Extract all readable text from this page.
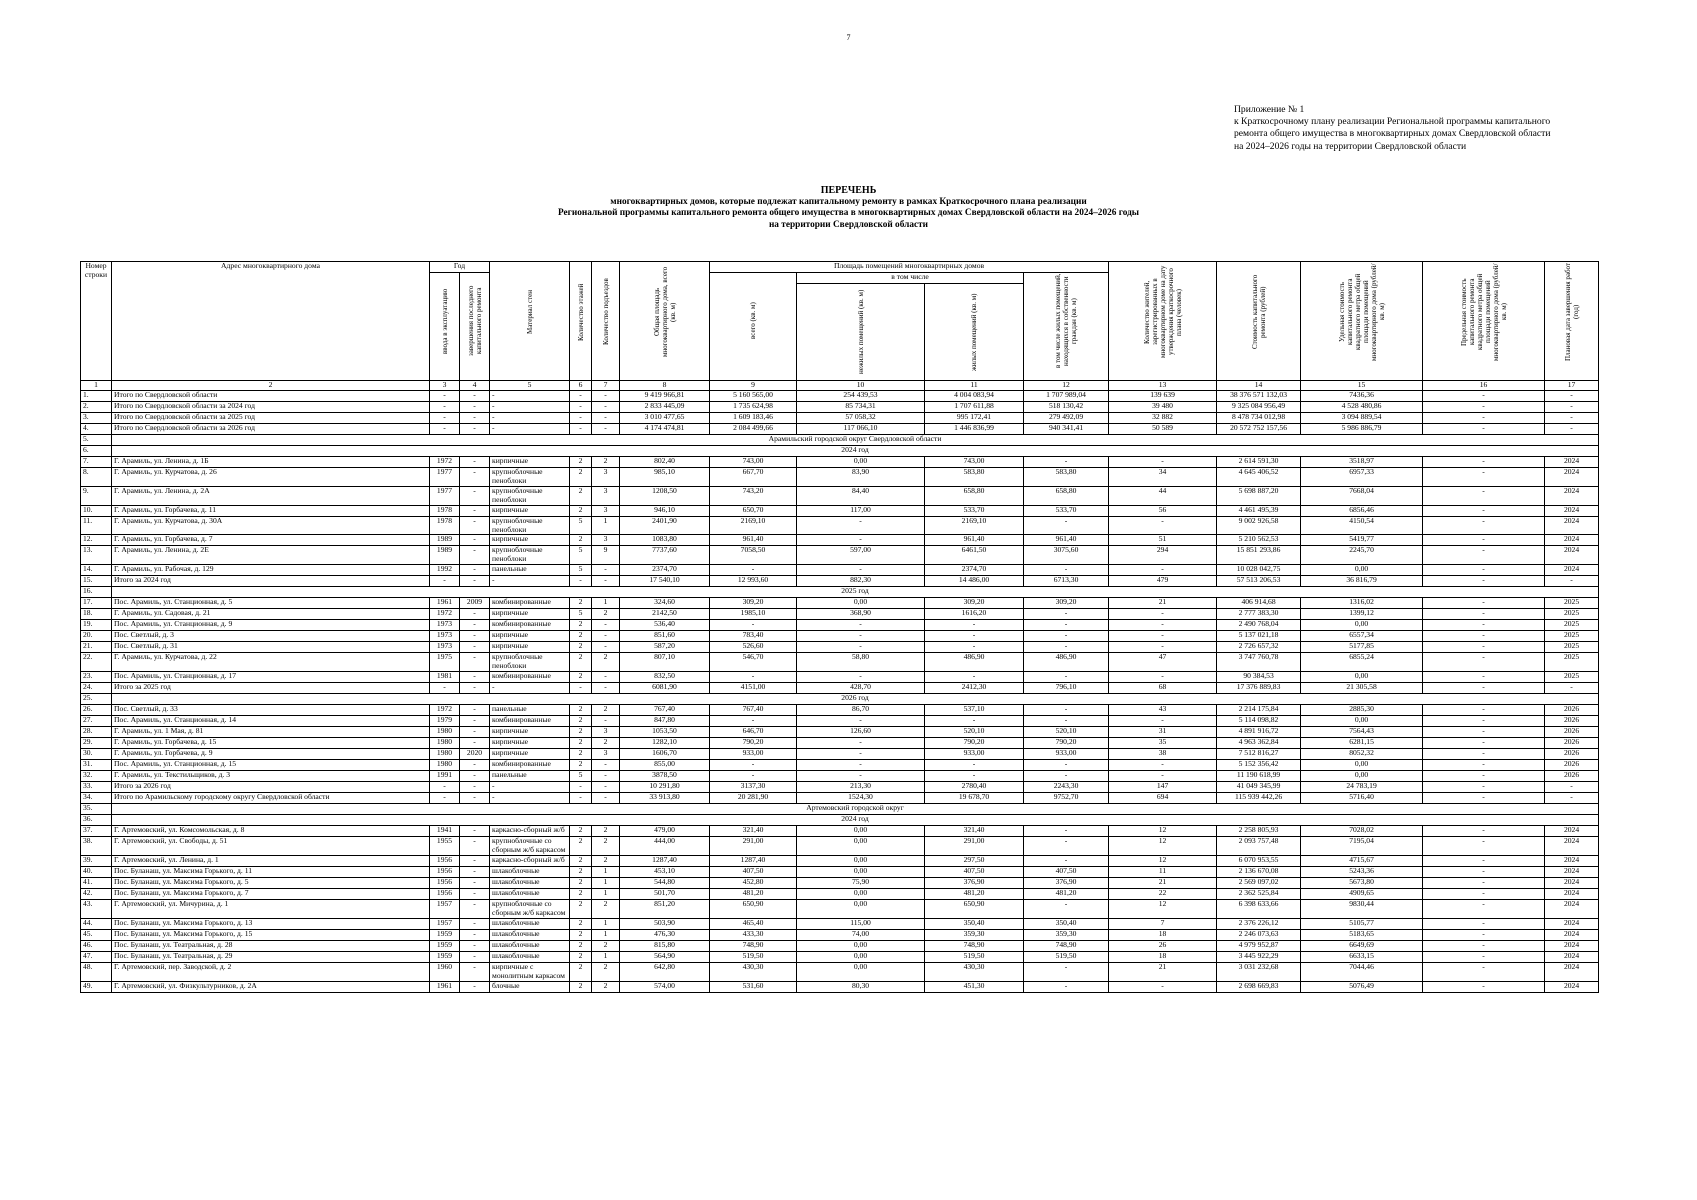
7
Приложение № 1
к Краткосрочному плану реализации Региональной программы капитального
ремонта общего имущества в многоквартирных домах Свердловской области
на 2024–2026 годы на территории Свердловской области
ПЕРЕЧЕНЬ
многоквартирных домов, которые подлежат капитальному ремонту в рамках Краткосрочного плана реализации
Региональной программы капитального ремонта общего имущества в многоквартирных домах Свердловской области на 2024–2026 годы
на территории Свердловской области
Номер строки	Адрес многоквартирного дома	Год		Материал стен	Количество этажей	Количество подъездов	Общая площадь многоквартирного дома, всего (кв. м)	Площадь помещений многоквартирных домов				Количество жителей, зарегистрированных в многоквартирном доме на дату утверждения краткосрочного плана (человек)	Стоимость капитального ремонта (рублей)	Удельная стоимость капитального ремонта квадратного метра общей площади помещений многоквартирного дома (рублей/кв. м)	Предельная стоимость капитального ремонта квадратного метра общей площади помещений многоквартирного дома (рублей/кв. м)	Плановая дата завершения работ (год)

		ввода в эксплуатацию	завершения последнего капитального ремонта					всего (кв. м)	в том числе		в том числе жилых помещений, находящихся в собственности граждан (кв. м)					

									нежилых помещений (кв. м)	жилых помещений (кв. м)						

1	2	3	4	5	6	7	8	9	10	11	12	13	14	15	16	17
1.	Итого по Свердловской области	-	-	-	-	-	9 419 966,81	5 160 565,00	254 439,53	4 004 083,94	1 707 989,04	139 639	38 376 571 132,03	7436,36	-	-
2.	Итого по Свердловской области за 2024 год	-	-	-	-	-	2 833 445,09	1 735 624,98	85 734,31	1 707 611,88	518 130,42	39 480	9 325 084 956,49	4 528 480,86	-	-
3.	Итого по Свердловской области за 2025 год	-	-	-	-	-	3 010 477,65	1 609 183,46	57 058,32	995 172,41	279 492,09	32 882	8 478 734 012,98	3 094 889,54	-	-
4.	Итого по Свердловской области за 2026 год	-	-	-	-	-	4 174 474,81	2 084 499,66	117 066,10	1 446 836,99	940 341,41	50 589	20 572 752 157,56	5 986 886,79	-	-
5.	Арамильский городской округ Свердловской области															
6.	2024 год															
7.	Г. Арамиль, ул. Ленина, д. 1Б	1972	-	кирпичные	2	2	802,40	743,00	0,00	743,00	-	-	2 614 591,30	3518,97	-	2024
8.	Г. Арамиль, ул. Курчатова, д. 26	1977	-	крупноблочные пеноблоки	2	3	985,10	667,70	83,90	583,80	583,80	34	4 645 406,52	6957,33	-	2024
9.	Г. Арамиль, ул. Ленина, д. 2А	1977	-	крупноблочные пеноблоки	2	3	1208,50	743,20	84,40	658,80	658,80	44	5 698 887,20	7668,04	-	2024
10.	Г. Арамиль, ул. Горбачева, д. 11	1978	-	кирпичные	2	3	946,10	650,70	117,00	533,70	533,70	56	4 461 495,39	6856,46	-	2024
11.	Г. Арамиль, ул. Курчатова, д. 30А	1978	-	крупноблочные пеноблоки	5	1	2401,90	2169,10	-	2169,10	-	-	9 002 926,58	4150,54	-	2024
12.	Г. Арамиль, ул. Горбачева, д. 7	1989	-	кирпичные	2	3	1083,80	961,40	-	961,40	961,40	51	5 210 562,53	5419,77	-	2024
13.	Г. Арамиль, ул. Ленина, д. 2Е	1989	-	крупноблочные пеноблоки	5	9	7737,60	7058,50	597,00	6461,50	3075,60	294	15 851 293,86	2245,70	-	2024
14.	Г. Арамиль, ул. Рабочая, д. 129	1992	-	панельные	5	-	2374,70	-	-	2374,70	-	-	10 028 042,75	0,00	-	2024
15.	Итого за 2024 год	-	-	-	-	-	17 540,10	12 993,60	882,30	14 486,00	6713,30	479	57 513 206,53	36 816,79	-	-
16.	2025 год															
17.	Пос. Арамиль, ул. Станционная, д. 5	1961	2009	комбинированные	2	1	324,60	309,20	0,00	309,20	309,20	21	406 914,68	1316,02	-	2025
18.	Г. Арамиль, ул. Садовая, д. 21	1972	-	кирпичные	5	2	2142,50	1985,10	368,90	1616,20	-	-	2 777 383,30	1399,12	-	2025
19.	Пос. Арамиль, ул. Станционная, д. 9	1973	-	комбинированные	2	-	536,40	-	-	-	-	-	2 490 768,04	0,00	-	2025
20.	Пос. Светлый, д. 3	1973	-	кирпичные	2	-	851,60	783,40	-	-	-	-	5 137 021,18	6557,34	-	2025
21.	Пос. Светлый, д. 31	1973	-	кирпичные	2	-	587,20	526,60	-	-	-	-	2 726 657,32	5177,85	-	2025
22.	Г. Арамиль, ул. Курчатова, д. 22	1975	-	крупноблочные пеноблоки	2	2	807,10	546,70	58,80	486,90	486,90	47	3 747 760,78	6855,24	-	2025
23.	Пос. Арамиль, ул. Станционная, д. 17	1981	-	комбинированные	2	-	832,50	-	-	-	-	-	90 384,53	0,00	-	2025
24.	Итого за 2025 год	-	-	-	-	-	6081,90	4151,00	428,70	2412,30	796,10	68	17 376 889,83	21 305,58	-	-
25.	2026 год															
26.	Пос. Светлый, д. 33	1972	-	панельные	2	2	767,40	767,40	86,70	537,10	-	43	2 214 175,84	2885,30	-	2026
27.	Пос. Арамиль, ул. Станционная, д. 14	1979	-	комбинированные	2	-	847,80	-	-	-	-	-	5 114 098,82	0,00	-	2026
28.	Г. Арамиль, ул. 1 Мая, д. 81	1980	-	кирпичные	2	3	1053,50	646,70	126,60	520,10	520,10	31	4 891 916,72	7564,43	-	2026
29.	Г. Арамиль, ул. Горбачева, д. 15	1980	-	кирпичные	2	2	1282,10	790,20	-	790,20	790,20	35	4 963 362,84	6281,15	-	2026
30.	Г. Арамиль, ул. Горбачева, д. 9	1980	2020	кирпичные	2	3	1606,70	933,00	-	933,00	933,00	38	7 512 816,27	8052,32	-	2026
31.	Пос. Арамиль, ул. Станционная, д. 15	1980	-	комбинированные	2	-	855,00	-	-	-	-	-	5 152 356,42	0,00	-	2026
32.	Г. Арамиль, ул. Текстильщиков, д. 3	1991	-	панельные	5	-	3878,50	-	-	-	-	-	11 190 618,99	0,00	-	2026
33.	Итого за 2026 год	-	-	-	-	-	10 291,80	3137,30	213,30	2780,40	2243,30	147	41 049 345,99	24 783,19	-	-
34.	Итого по Арамильскому городскому округу Свердловской области	-	-	-	-	-	33 913,80	20 281,90	1524,30	19 678,70	9752,70	694	115 939 442,26	5716,40	-	-
35.	Артемовский городской округ															
36.	2024 год															
37.	Г. Артемовский, ул. Комсомольская, д. 8	1941	-	каркасно-сборный ж/б	2	2	479,00	321,40	0,00	321,40	-	12	2 258 805,93	7028,02	-	2024
38.	Г. Артемовский, ул. Свободы, д. 51	1955	-	крупноблочные со сборным ж/б каркасом	2	2	444,00	291,00	0,00	291,00	-	12	2 093 757,48	7195,04	-	2024
39.	Г. Артемовский, ул. Ленина, д. 1	1956	-	каркасно-сборный ж/б	2	2	1287,40	1287,40	0,00	297,50	-	12	6 070 953,55	4715,67	-	2024
40.	Пос. Буланаш, ул. Максима Горького, д. 11	1956	-	шлакоблочные	2	1	453,10	407,50	0,00	407,50	407,50	11	2 136 670,08	5243,36	-	2024
41.	Пос. Буланаш, ул. Максима Горького, д. 5	1956	-	шлакоблочные	2	1	544,80	452,80	75,90	376,90	376,90	21	2 569 097,02	5673,80	-	2024
42.	Пос. Буланаш, ул. Максима Горького, д. 7	1956	-	шлакоблочные	2	1	501,70	481,20	0,00	481,20	481,20	22	2 362 525,84	4909,65	-	2024
43.	Г. Артемовский, ул. Мичурина, д. 1	1957	-	крупноблочные со сборным ж/б каркасом	2	2	851,20	650,90	0,00	650,90	-	12	6 398 633,66	9830,44	-	2024
44.	Пос. Буланаш, ул. Максима Горького, д. 13	1957	-	шлакоблочные	2	1	503,90	465,40	115,00	350,40	350,40	7	2 376 226,12	5105,77	-	2024
45.	Пос. Буланаш, ул. Максима Горького, д. 15	1959	-	шлакоблочные	2	1	476,30	433,30	74,00	359,30	359,30	18	2 246 073,63	5183,65	-	2024
46.	Пос. Буланаш, ул. Театральная, д. 28	1959	-	шлакоблочные	2	2	815,80	748,90	0,00	748,90	748,90	26	4 979 952,87	6649,69	-	2024
47.	Пос. Буланаш, ул. Театральная, д. 29	1959	-	шлакоблочные	2	1	564,90	519,50	0,00	519,50	519,50	18	3 445 922,29	6633,15	-	2024
48.	Г. Артемовский, пер. Заводской, д. 2	1960	-	кирпичные с монолитным каркасом	2	2	642,80	430,30	0,00	430,30	-	21	3 031 232,68	7044,46	-	2024
49.	Г. Артемовский, ул. Физкультурников, д. 2А	1961	-	блочные	2	2	574,00	531,60	80,30	451,30	-	-	2 698 669,83	5076,49	-	2024
